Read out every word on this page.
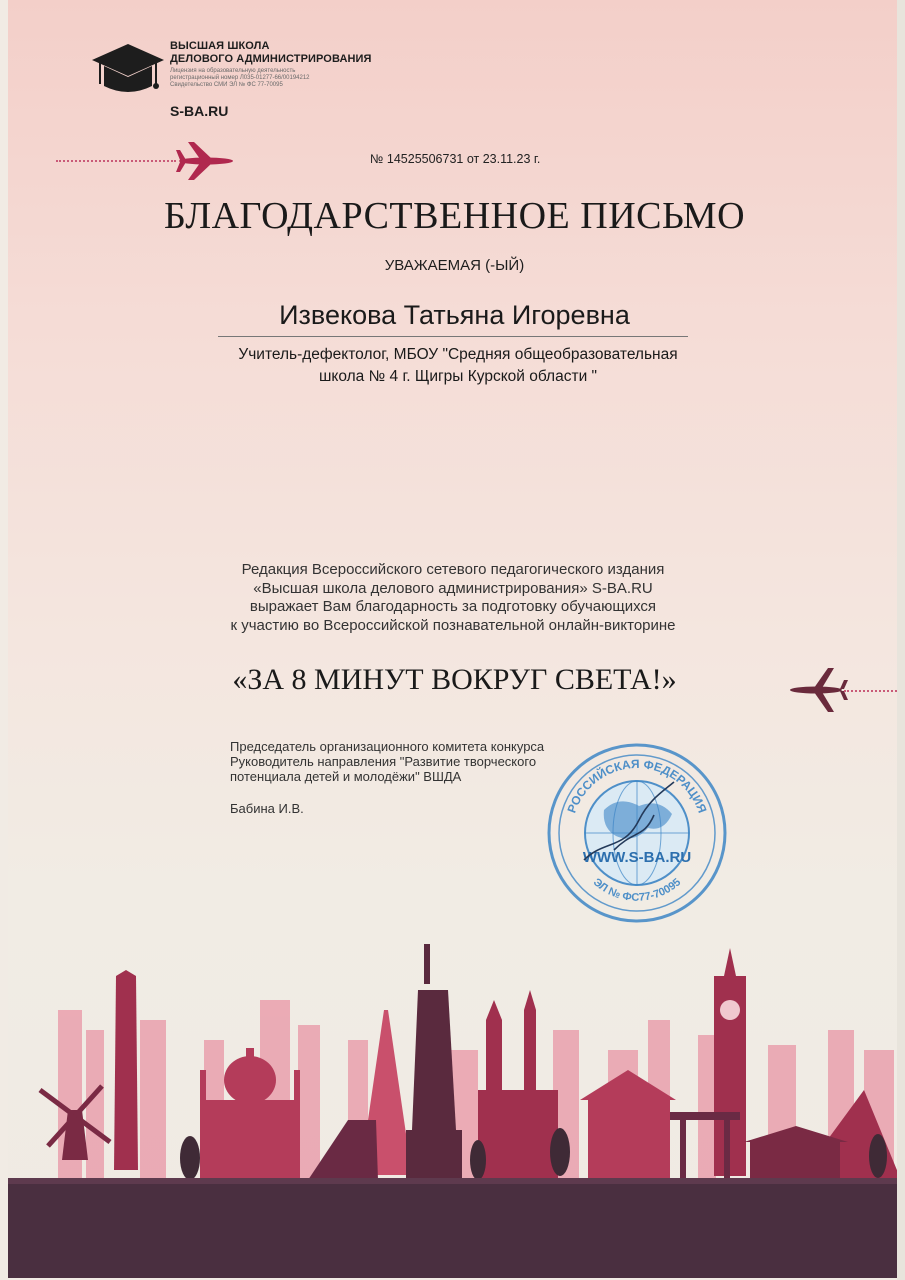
ВЫСШАЯ ШКОЛА
ДЕЛОВОГО АДМИНИСТРИРОВАНИЯ
Лицензия на образовательную деятельность
регистрационный номер Л035-01277-66/00194212
Свидетельство СМИ ЭЛ № ФС 77-70095
S-BA.RU
№ 14525506731 от 23.11.23 г.
БЛАГОДАРСТВЕННОЕ ПИСЬМО
УВАЖАЕМАЯ (-ЫЙ)
Извекова Татьяна Игоревна
Учитель-дефектолог, МБОУ "Средняя общеобразовательная
школа № 4 г. Щигры Курской области "
Редакция Всероссийского сетевого педагогического издания
«Высшая школа делового администрирования» S-BA.RU
выражает Вам благодарность за подготовку обучающихся
к участию во Всероссийской познавательной онлайн-викторине
«ЗА 8 МИНУТ ВОКРУГ СВЕТА!»
Председатель организационного комитета конкурса
Руководитель направления "Развитие творческого
потенциала детей и молодёжи" ВШДА
Бабина И.В.	РОССИЙСКАЯ ФЕДЕРАЦИЯ
ЭЛ № ФС77-70095
WWW.S-BA.RU
